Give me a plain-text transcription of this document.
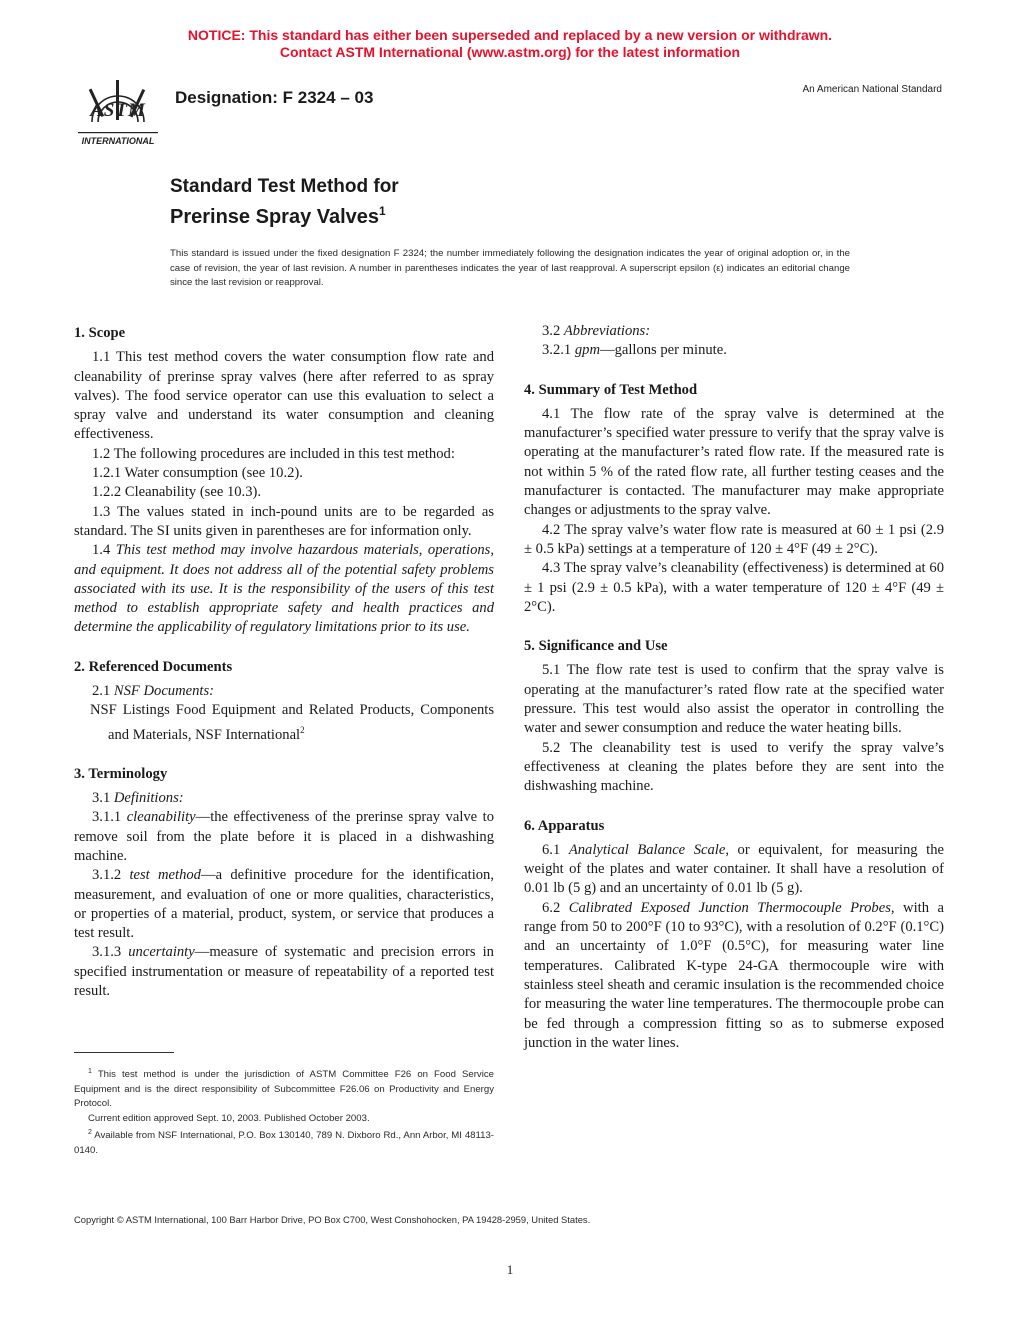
NOTICE: This standard has either been superseded and replaced by a new version or withdrawn.
Contact ASTM International (www.astm.org) for the latest information
ASTM
INTERNATIONAL
Designation: F 2324 – 03	An American National Standard
Standard Test Method for
Prerinse Spray Valves$^1$
This standard is issued under the fixed designation F 2324; the number immediately following the designation indicates the year of original adoption or, in the case of revision, the year of last revision. A number in parentheses indicates the year of last reapproval. A superscript epsilon (ε) indicates an editorial change since the last revision or reapproval.
1. Scope

1.1 This test method covers the water consumption flow rate and cleanability of prerinse spray valves (here after referred to as spray valves). The food service operator can use this evaluation to select a spray valve and understand its water consumption and cleaning effectiveness.

1.2 The following procedures are included in this test method:

1.2.1 Water consumption (see 10.2).

1.2.2 Cleanability (see 10.3).

1.3 The values stated in inch-pound units are to be regarded as standard. The SI units given in parentheses are for information only.

1.4 This test method may involve hazardous materials, operations, and equipment. It does not address all of the potential safety problems associated with its use. It is the responsibility of the users of this test method to establish appropriate safety and health practices and determine the applicability of regulatory limitations prior to its use.

2. Referenced Documents

2.1 NSF Documents:

NSF Listings Food Equipment and Related Products, Components and Materials, NSF International$^2$

3. Terminology

3.1 Definitions:

3.1.1 cleanability—the effectiveness of the prerinse spray valve to remove soil from the plate before it is placed in a dishwashing machine.

3.1.2 test method—a definitive procedure for the identification, measurement, and evaluation of one or more qualities, characteristics, or properties of a material, product, system, or service that produces a test result.

3.1.3 uncertainty—measure of systematic and precision errors in specified instrumentation or measure of repeatability of a reported test result.

3.2 Abbreviations:

3.2.1 gpm—gallons per minute.

4. Summary of Test Method

4.1 The flow rate of the spray valve is determined at the manufacturer’s specified water pressure to verify that the spray valve is operating at the manufacturer’s rated flow rate. If the measured rate is not within 5 % of the rated flow rate, all further testing ceases and the manufacturer is contacted. The manufacturer may make appropriate changes or adjustments to the spray valve.

4.2 The spray valve’s water flow rate is measured at 60 ± 1 psi (2.9 ± 0.5 kPa) settings at a temperature of 120 ± 4°F (49 ± 2°C).

4.3 The spray valve’s cleanability (effectiveness) is determined at 60 ± 1 psi (2.9 ± 0.5 kPa), with a water temperature of 120 ± 4°F (49 ± 2°C).

5. Significance and Use

5.1 The flow rate test is used to confirm that the spray valve is operating at the manufacturer’s rated flow rate at the specified water pressure. This test would also assist the operator in controlling the water and sewer consumption and reduce the water heating bills.

5.2 The cleanability test is used to verify the spray valve’s effectiveness at cleaning the plates before they are sent into the dishwashing machine.

6. Apparatus

6.1 Analytical Balance Scale, or equivalent, for measuring the weight of the plates and water container. It shall have a resolution of 0.01 lb (5 g) and an uncertainty of 0.01 lb (5 g).

6.2 Calibrated Exposed Junction Thermocouple Probes, with a range from 50 to 200°F (10 to 93°C), with a resolution of 0.2°F (0.1°C) and an uncertainty of 1.0°F (0.5°C), for measuring water line temperatures. Calibrated K-type 24-GA thermocouple wire with stainless steel sheath and ceramic insulation is the recommended choice for measuring the water line temperatures. The thermocouple probe can be fed through a compression fitting so as to submerse exposed junction in the water lines.

$^1$ This test method is under the jurisdiction of ASTM Committee F26 on Food Service Equipment and is the direct responsibility of Subcommittee F26.06 on Productivity and Energy Protocol.

Current edition approved Sept. 10, 2003. Published October 2003.

$^2$ Available from NSF International, P.O. Box 130140, 789 N. Dixboro Rd., Ann Arbor, MI 48113-0140.

Copyright © ASTM International, 100 Barr Harbor Drive, PO Box C700, West Conshohocken, PA 19428-2959, United States.
1
